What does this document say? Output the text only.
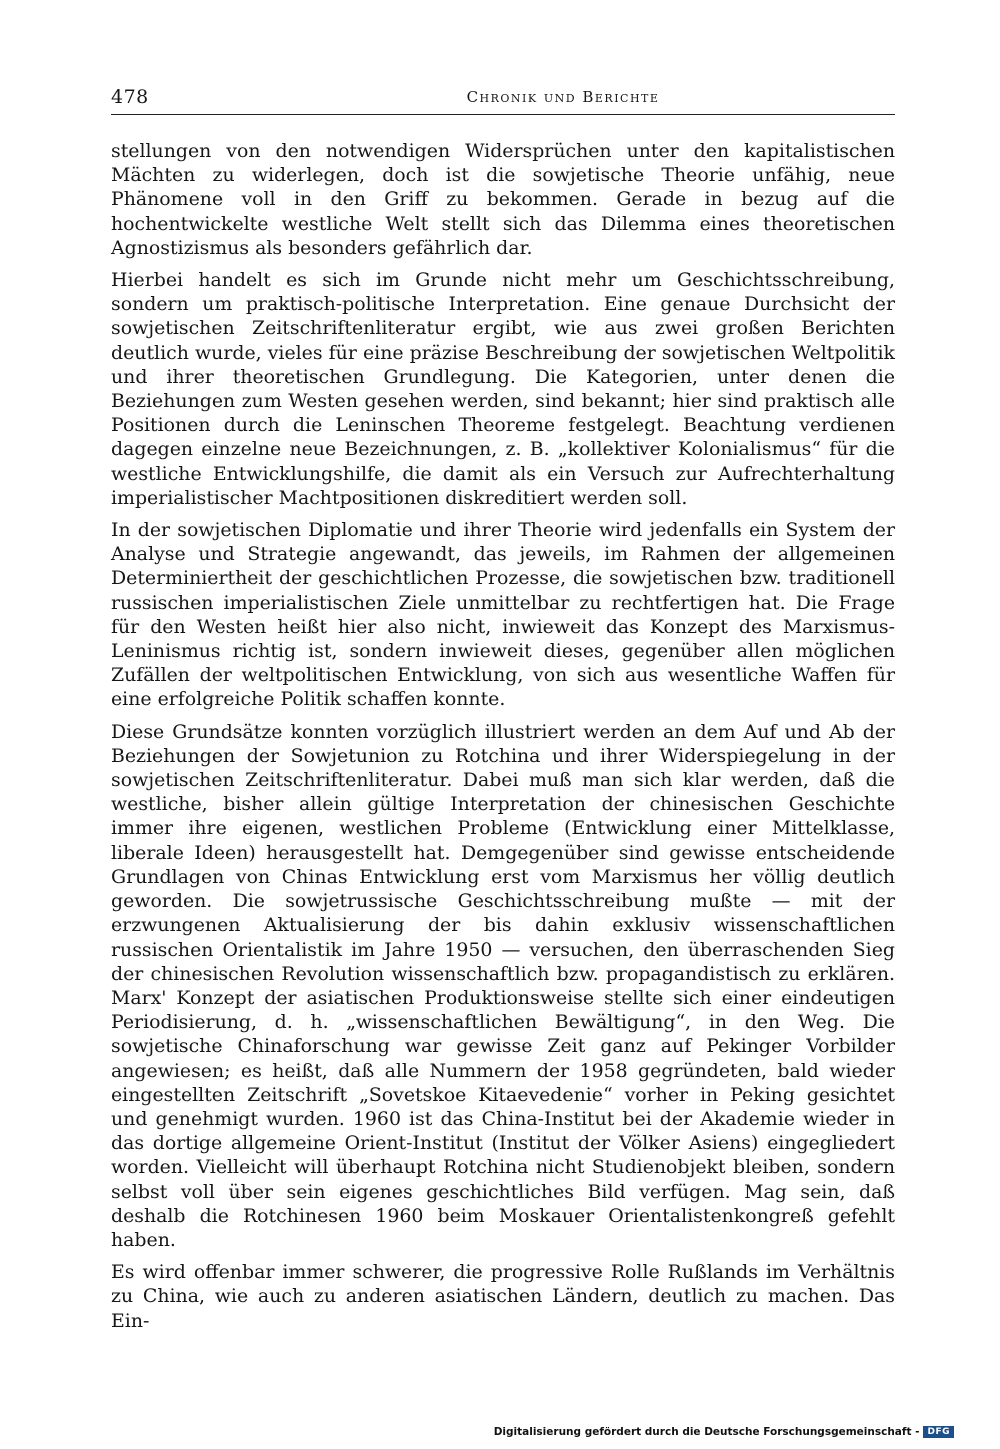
478	Chronik und Berichte

stellungen von den notwendigen Widersprüchen unter den kapitalistischen Mächten zu widerlegen, doch ist die sowjetische Theorie unfähig, neue Phänomene voll in den Griff zu bekommen. Gerade in bezug auf die hochentwickelte westliche Welt stellt sich das Dilemma eines theoretischen Agnostizismus als besonders gefährlich dar.

Hierbei handelt es sich im Grunde nicht mehr um Geschichtsschreibung, sondern um praktisch-politische Interpretation. Eine genaue Durchsicht der sowjetischen Zeitschriftenliteratur ergibt, wie aus zwei großen Berichten deutlich wurde, vieles für eine präzise Beschreibung der sowjetischen Weltpolitik und ihrer theoretischen Grundlegung. Die Kategorien, unter denen die Beziehungen zum Westen gesehen werden, sind bekannt; hier sind praktisch alle Positionen durch die Leninschen Theoreme festgelegt. Beachtung verdienen dagegen einzelne neue Bezeichnungen, z. B. „kollektiver Kolonialismus“ für die westliche Entwicklungshilfe, die damit als ein Versuch zur Aufrechterhaltung imperialistischer Machtpositionen diskreditiert werden soll.

In der sowjetischen Diplomatie und ihrer Theorie wird jedenfalls ein System der Analyse und Strategie angewandt, das jeweils, im Rahmen der allgemeinen Determiniertheit der geschichtlichen Prozesse, die sowjetischen bzw. traditionell russischen imperialistischen Ziele unmittelbar zu rechtfertigen hat. Die Frage für den Westen heißt hier also nicht, inwieweit das Konzept des Marxismus-Leninismus richtig ist, sondern inwieweit dieses, gegenüber allen möglichen Zufällen der weltpolitischen Entwicklung, von sich aus wesentliche Waffen für eine erfolgreiche Politik schaffen konnte.

Diese Grundsätze konnten vorzüglich illustriert werden an dem Auf und Ab der Beziehungen der Sowjetunion zu Rotchina und ihrer Widerspiegelung in der sowjetischen Zeitschriftenliteratur. Dabei muß man sich klar werden, daß die westliche, bisher allein gültige Interpretation der chinesischen Geschichte immer ihre eigenen, westlichen Probleme (Entwicklung einer Mittelklasse, liberale Ideen) herausgestellt hat. Demgegenüber sind gewisse entscheidende Grundlagen von Chinas Entwicklung erst vom Marxismus her völlig deutlich geworden. Die sowjetrussische Geschichtsschreibung mußte — mit der erzwungenen Aktualisierung der bis dahin exklusiv wissenschaftlichen russischen Orientalistik im Jahre 1950 — versuchen, den überraschenden Sieg der chinesischen Revolution wissenschaftlich bzw. propagandistisch zu erklären. Marx' Konzept der asiatischen Produktionsweise stellte sich einer eindeutigen Periodisierung, d. h. „wissenschaftlichen Bewältigung“, in den Weg. Die sowjetische Chinaforschung war gewisse Zeit ganz auf Pekinger Vorbilder angewiesen; es heißt, daß alle Nummern der 1958 gegründeten, bald wieder eingestellten Zeitschrift „Sovetskoe Kitaevedenie“ vorher in Peking gesichtet und genehmigt wurden. 1960 ist das China-Institut bei der Akademie wieder in das dortige allgemeine Orient-Institut (Institut der Völker Asiens) eingegliedert worden. Vielleicht will überhaupt Rotchina nicht Studienobjekt bleiben, sondern selbst voll über sein eigenes geschichtliches Bild verfügen. Mag sein, daß deshalb die Rotchinesen 1960 beim Moskauer Orientalistenkongreß gefehlt haben.

Es wird offenbar immer schwerer, die progressive Rolle Rußlands im Verhältnis zu China, wie auch zu anderen asiatischen Ländern, deutlich zu machen. Das Ein-

Digitalisierung gefördert durch die Deutsche Forschungsgemeinschaft - DFG
